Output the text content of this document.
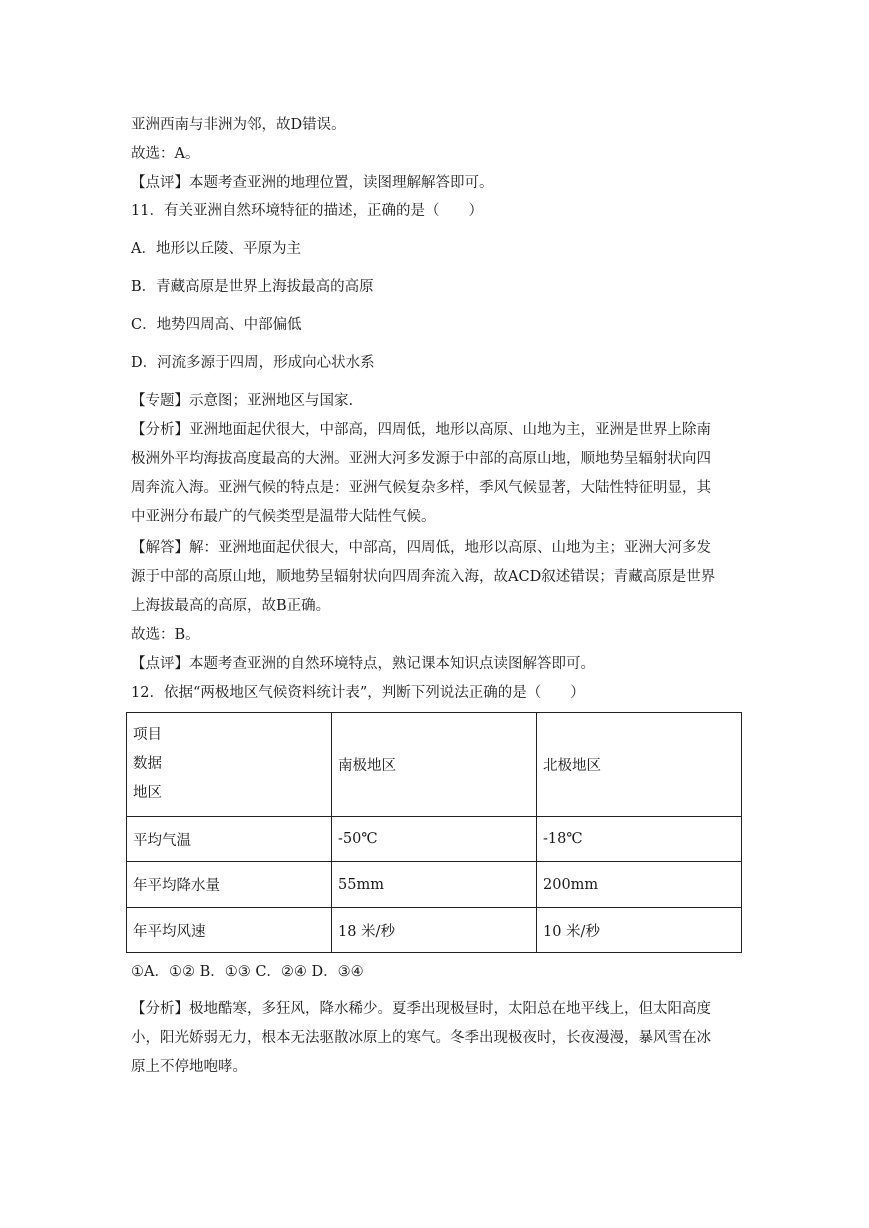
亚洲西南与非洲为邻，故D错误。
故选：A。
【点评】本题考查亚洲的地理位置，读图理解解答即可。
11．有关亚洲自然环境特征的描述，正确的是（　　）
A．地形以丘陵、平原为主
B．青藏高原是世界上海拔最高的高原
C．地势四周高、中部偏低
D．河流多源于四周，形成向心状水系
【专题】示意图；亚洲地区与国家.
【分析】亚洲地面起伏很大，中部高，四周低，地形以高原、山地为主，亚洲是世界上除南
极洲外平均海拔高度最高的大洲。亚洲大河多发源于中部的高原山地，顺地势呈辐射状向四
周奔流入海。亚洲气候的特点是：亚洲气候复杂多样，季风气候显著，大陆性特征明显，其
中亚洲分布最广的气候类型是温带大陆性气候。
【解答】解：亚洲地面起伏很大，中部高，四周低，地形以高原、山地为主；亚洲大河多发
源于中部的高原山地，顺地势呈辐射状向四周奔流入海，故ACD叙述错误；青藏高原是世界
上海拔最高的高原，故B正确。
故选：B。
【点评】本题考查亚洲的自然环境特点，熟记课本知识点读图解答即可。
12．依据“两极地区气候资料统计表”，判断下列说法正确的是（　　）
项目
数据
地区	南极地区	北极地区
平均气温	-50℃	-18℃
年平均降水量	55mm	200mm
年平均风速	18 米/秒	10 米/秒
①A．①② B．①③ C．②④ D．③④
【分析】极地酷寒，多狂风，降水稀少。夏季出现极昼时，太阳总在地平线上，但太阳高度
小，阳光娇弱无力，根本无法驱散冰原上的寒气。冬季出现极夜时，长夜漫漫，暴风雪在冰
原上不停地咆哮。
